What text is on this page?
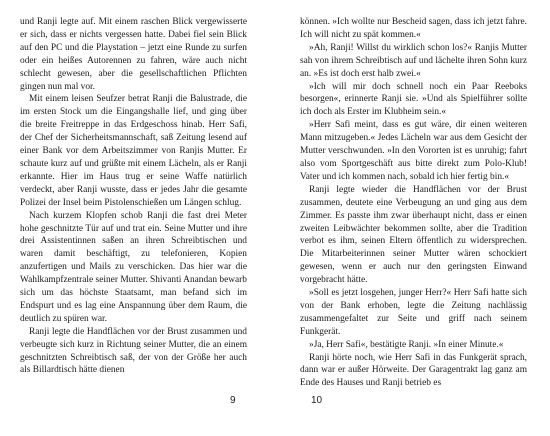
und Ranji legte auf. Mit einem raschen Blick vergewisserte er sich, dass er nichts vergessen hatte. Dabei fiel sein Blick auf den PC und die Playstation – jetzt eine Runde zu surfen oder ein heißes Autorennen zu fahren, wäre auch nicht schlecht gewesen, aber die gesellschaftlichen Pflichten gingen nun mal vor.

Mit einem leisen Seufzer betrat Ranji die Balustrade, die im ersten Stock um die Eingangshalle lief, und ging über die breite Freitreppe in das Erdgeschoss hinab. Herr Safi, der Chef der Sicherheitsmannschaft, saß Zeitung lesend auf einer Bank vor dem Arbeitszimmer von Ranjis Mutter. Er schaute kurz auf und grüßte mit einem Lächeln, als er Ranji erkannte. Hier im Haus trug er seine Waffe natürlich verdeckt, aber Ranji wusste, dass er jedes Jahr die gesamte Polizei der Insel beim Pistolenschießen um Längen schlug.

Nach kurzem Klopfen schob Ranji die fast drei Meter hohe geschnitzte Tür auf und trat ein. Seine Mutter und ihre drei Assistentinnen saßen an ihren Schreibtischen und waren damit beschäftigt, zu telefonieren, Kopien anzufertigen und Mails zu verschicken. Das hier war die Wahlkampfzentrale seiner Mutter. Shivanti Anandan bewarb sich um das höchste Staatsamt, man befand sich im Endspurt und es lag eine Anspannung über dem Raum, die deutlich zu spüren war.

Ranji legte die Handflächen vor der Brust zusammen und verbeugte sich kurz in Richtung seiner Mutter, die an einem geschnitzten Schreibtisch saß, der von der Größe her auch als Billardtisch hätte dienen

9

können. »Ich wollte nur Bescheid sagen, dass ich jetzt fahre. Ich will nicht zu spät kommen.«

»Ah, Ranji! Willst du wirklich schon los?« Ranjis Mutter sah von ihrem Schreibtisch auf und lächelte ihren Sohn kurz an. »Es ist doch erst halb zwei.«

»Ich will mir doch schnell noch ein Paar Reeboks besorgen«, erinnerte Ranji sie. »Und als Spielführer sollte ich doch als Erster im Klubheim sein.«

»Herr Safi meint, dass es gut wäre, dir einen weiteren Mann mitzugeben.« Jedes Lächeln war aus dem Gesicht der Mutter verschwunden. »In den Vororten ist es unruhig; fahrt also vom Sportgeschäft aus bitte direkt zum Polo-Klub! Vater und ich kommen nach, sobald ich hier fertig bin.«

Ranji legte wieder die Handflächen vor der Brust zusammen, deutete eine Verbeugung an und ging aus dem Zimmer. Es passte ihm zwar überhaupt nicht, dass er einen zweiten Leibwächter bekommen sollte, aber die Tradition verbot es ihm, seinen Eltern öffentlich zu widersprechen. Die Mitarbeiterinnen seiner Mutter wären schockiert gewesen, wenn er auch nur den geringsten Einwand vorgebracht hätte.

»Soll es jetzt losgehen, junger Herr?« Herr Safi hatte sich von der Bank erhoben, legte die Zeitung nachlässig zusammengefaltet zur Seite und griff nach seinem Funkgerät.

»Ja, Herr Safi«, bestätigte Ranji. »In einer Minute.«

Ranji hörte noch, wie Herr Safi in das Funkgerät sprach, dann war er außer Hörweite. Der Garagentrakt lag ganz am Ende des Hauses und Ranji betrieb es

10
